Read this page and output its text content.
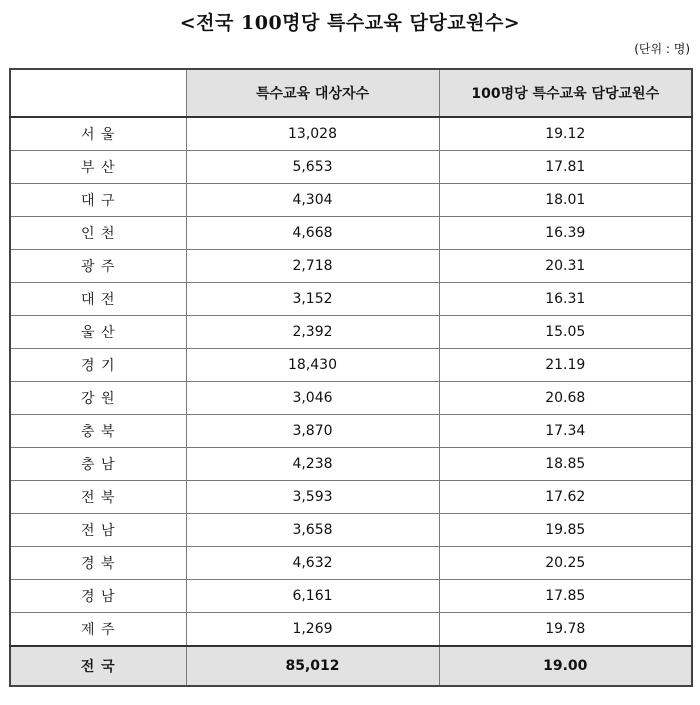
<전국 100명당 특수교육 담당교원수>
(단위 : 명)
	특수교육 대상자수	100명당 특수교육 담당교원수
서 울	13,028	19.12
부 산	5,653	17.81
대 구	4,304	18.01
인 천	4,668	16.39
광 주	2,718	20.31
대 전	3,152	16.31
울 산	2,392	15.05
경 기	18,430	21.19
강 원	3,046	20.68
충 북	3,870	17.34
충 남	4,238	18.85
전 북	3,593	17.62
전 남	3,658	19.85
경 북	4,632	20.25
경 남	6,161	17.85
제 주	1,269	19.78
전 국	85,012	19.00
